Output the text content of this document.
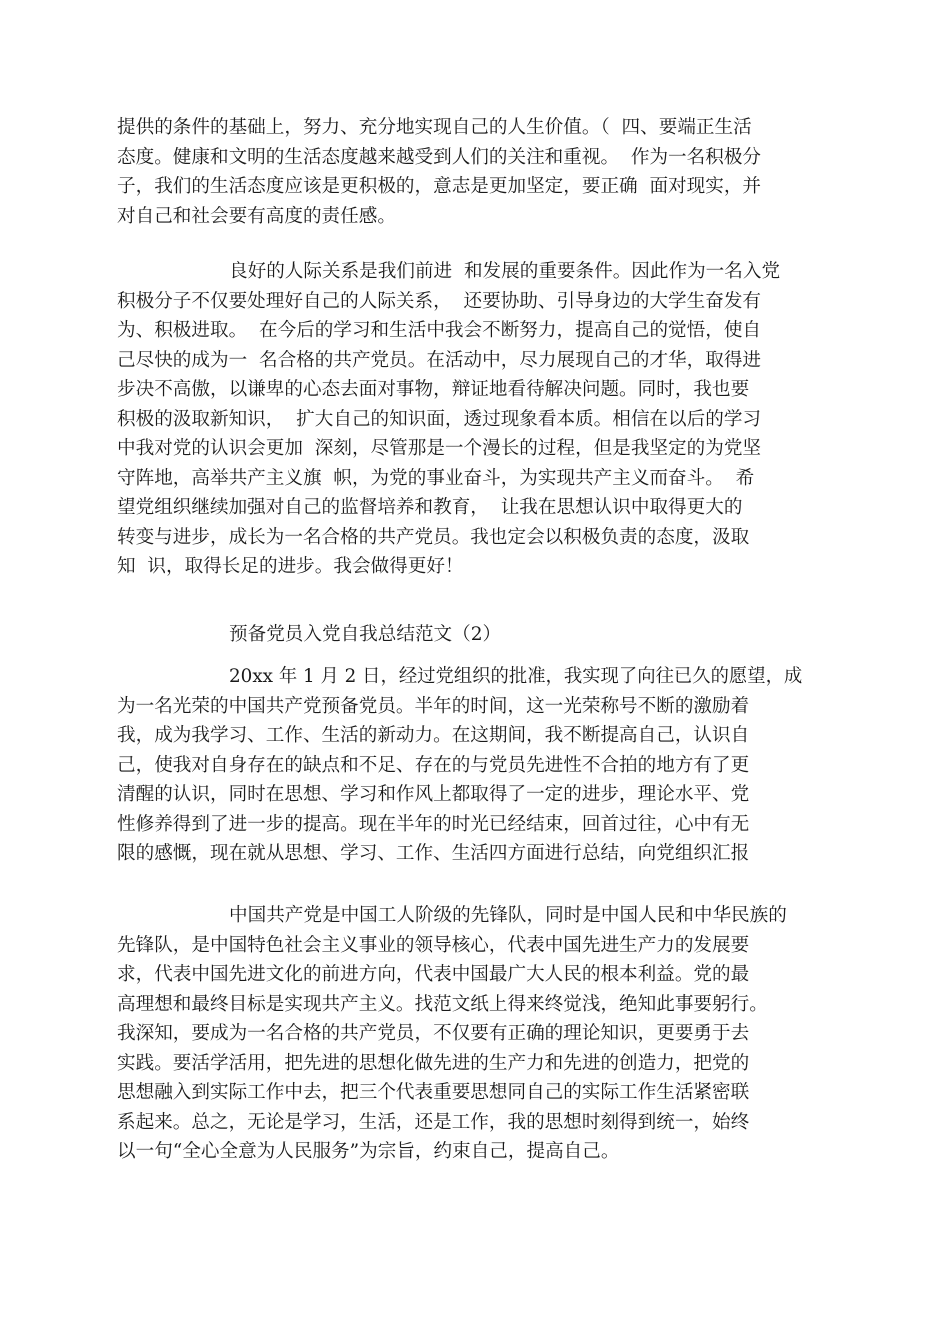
提供的条件的基础上，努力、充分地实现自己的人生价值。（  四、要端正生活
态度。健康和文明的生活态度越来越受到人们的关注和重视。  作为一名积极分
子，我们的生活态度应该是更积极的，意志是更加坚定，要正确  面对现实，并
对自己和社会要有高度的责任感。
良好的人际关系是我们前进  和发展的重要条件。因此作为一名入党
积极分子不仅要处理好自己的人际关系，  还要协助、引导身边的大学生奋发有
为、积极进取。  在今后的学习和生活中我会不断努力，提高自己的觉悟，使自
己尽快的成为一  名合格的共产党员。在活动中，尽力展现自己的才华，取得进
步决不高傲，以谦卑的心态去面对事物，辩证地看待解决问题。同时，我也要
积极的汲取新知识，  扩大自己的知识面，透过现象看本质。相信在以后的学习
中我对党的认识会更加  深刻，尽管那是一个漫长的过程，但是我坚定的为党坚
守阵地，高举共产主义旗  帜，为党的事业奋斗，为实现共产主义而奋斗。  希
望党组织继续加强对自己的监督培养和教育，  让我在思想认识中取得更大的
转变与进步，成长为一名合格的共产党员。我也定会以积极负责的态度，汲取
知  识，取得长足的进步。我会做得更好！
预备党员入党自我总结范文（2）
20xx 年 1 月 2 日，经过党组织的批准，我实现了向往已久的愿望，成
为一名光荣的中国共产党预备党员。半年的时间，这一光荣称号不断的激励着
我，成为我学习、工作、生活的新动力。在这期间，我不断提高自己，认识自
己，使我对自身存在的缺点和不足、存在的与党员先进性不合拍的地方有了更
清醒的认识，同时在思想、学习和作风上都取得了一定的进步，理论水平、党
性修养得到了进一步的提高。现在半年的时光已经结束，回首过往，心中有无
限的感慨，现在就从思想、学习、工作、生活四方面进行总结，向党组织汇报
中国共产党是中国工人阶级的先锋队，同时是中国人民和中华民族的
先锋队，是中国特色社会主义事业的领导核心，代表中国先进生产力的发展要
求，代表中国先进文化的前进方向，代表中国最广大人民的根本利益。党的最
高理想和最终目标是实现共产主义。找范文纸上得来终觉浅，绝知此事要躬行。
我深知，要成为一名合格的共产党员，不仅要有正确的理论知识，更要勇于去
实践。要活学活用，把先进的思想化做先进的生产力和先进的创造力，把党的
思想融入到实际工作中去，把三个代表重要思想同自己的实际工作生活紧密联
系起来。总之，无论是学习，生活，还是工作，我的思想时刻得到统一，始终
以一句“全心全意为人民服务”为宗旨，约束自己，提高自己。
